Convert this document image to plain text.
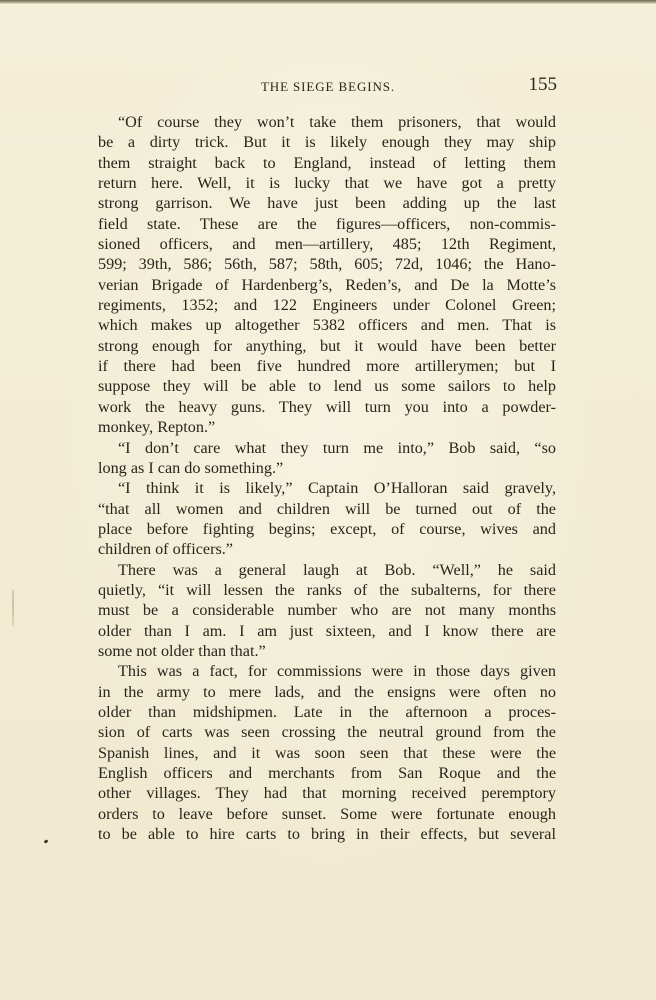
THE SIEGE BEGINS.	155
“Of course they won’t take them prisoners, that would
be a dirty trick. But it is likely enough they may ship
them straight back to England, instead of letting them
return here. Well, it is lucky that we have got a pretty
strong garrison. We have just been adding up the last
field state. These are the figures—officers, non-commis-
sioned officers, and men—artillery, 485; 12th Regiment,
599; 39th, 586; 56th, 587; 58th, 605; 72d, 1046; the Hano-
verian Brigade of Hardenberg’s, Reden’s, and De la Motte’s
regiments, 1352; and 122 Engineers under Colonel Green;
which makes up altogether 5382 officers and men. That is
strong enough for anything, but it would have been better
if there had been five hundred more artillerymen; but I
suppose they will be able to lend us some sailors to help
work the heavy guns. They will turn you into a powder-
monkey, Repton.”
“I don’t care what they turn me into,” Bob said, “so
long as I can do something.”
“I think it is likely,” Captain O’Halloran said gravely,
“that all women and children will be turned out of the
place before fighting begins; except, of course, wives and
children of officers.”
There was a general laugh at Bob. “Well,” he said
quietly, “it will lessen the ranks of the subalterns, for there
must be a considerable number who are not many months
older than I am. I am just sixteen, and I know there are
some not older than that.”
This was a fact, for commissions were in those days given
in the army to mere lads, and the ensigns were often no
older than midshipmen. Late in the afternoon a proces-
sion of carts was seen crossing the neutral ground from the
Spanish lines, and it was soon seen that these were the
English officers and merchants from San Roque and the
other villages. They had that morning received peremptory
orders to leave before sunset. Some were fortunate enough
to be able to hire carts to bring in their effects, but several
